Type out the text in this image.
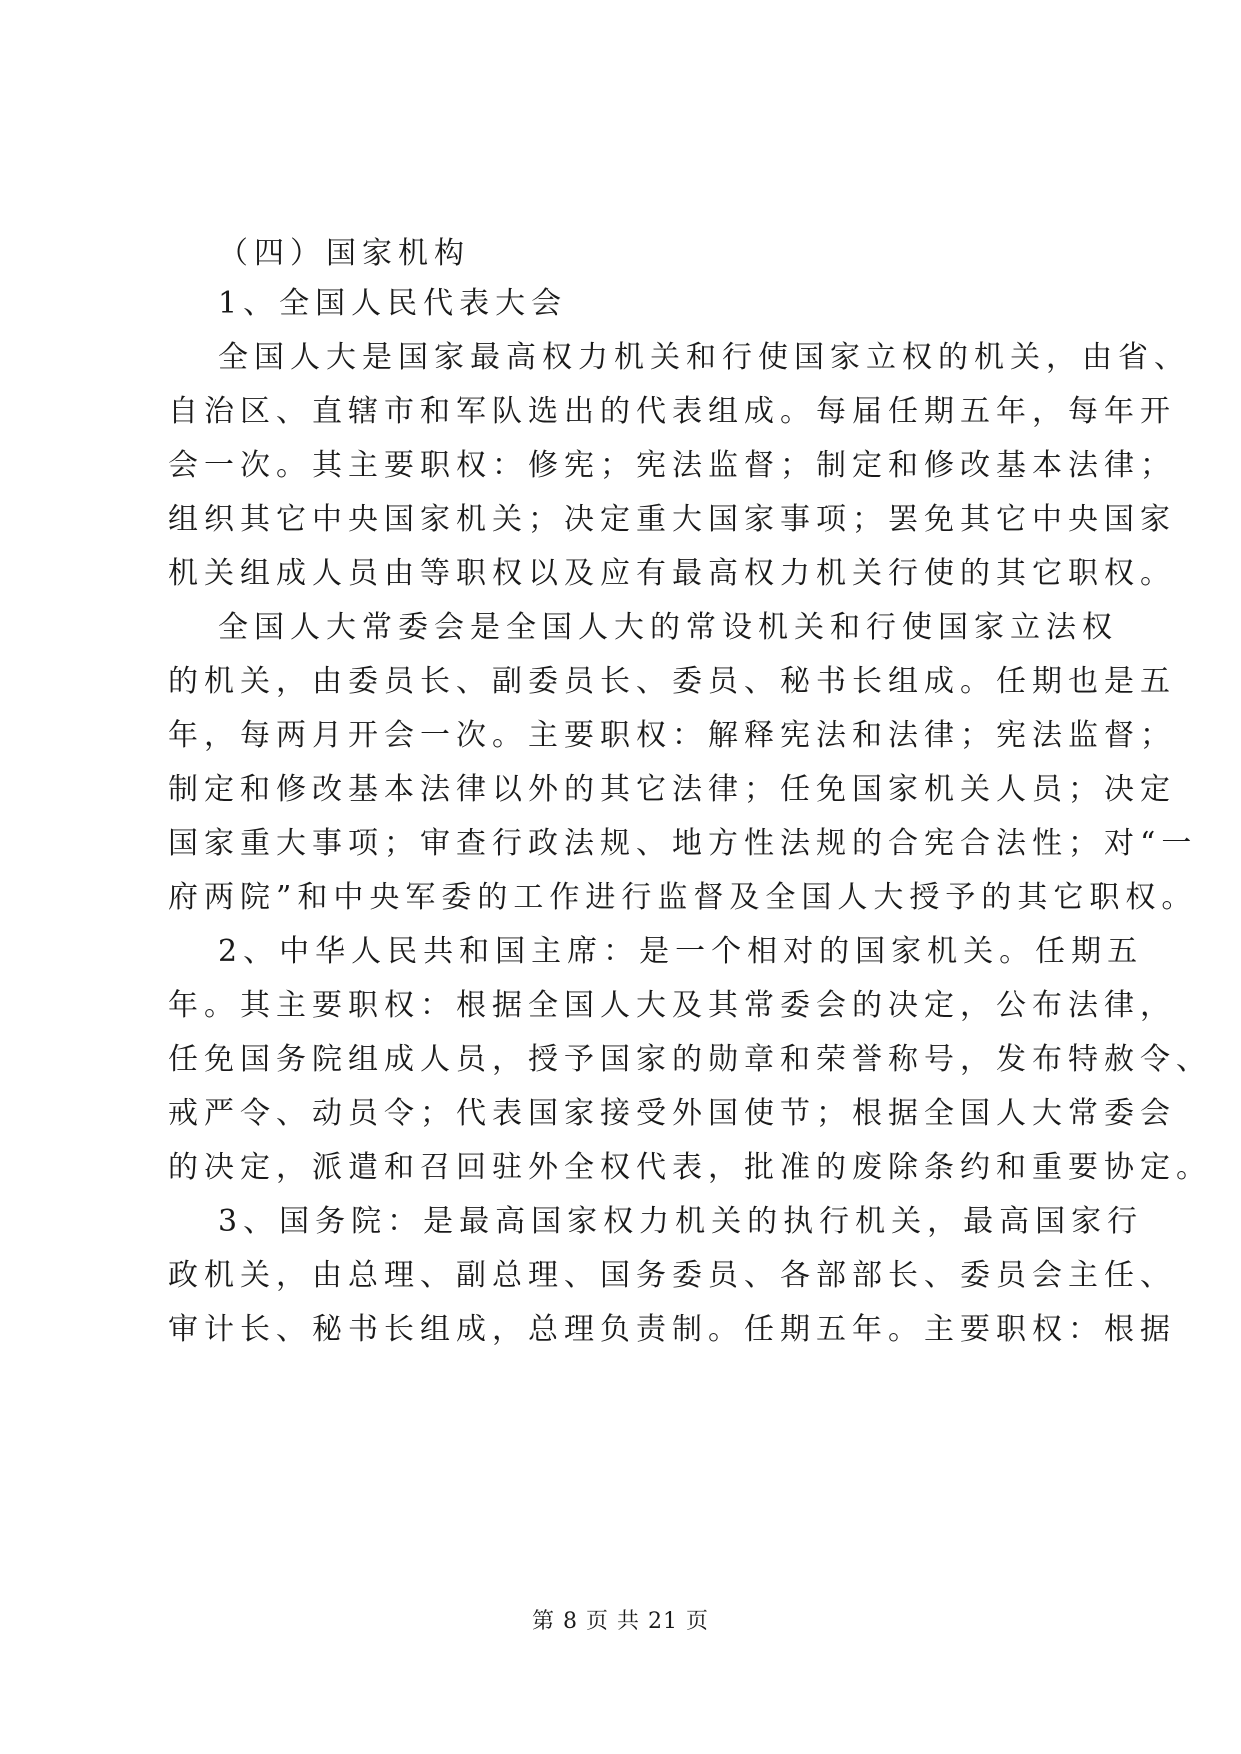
（四）国家机构
1、全国人民代表大会
全国人大是国家最高权力机关和行使国家立权的机关，由省、
自治区、直辖市和军队选出的代表组成。每届任期五年，每年开
会一次。其主要职权：修宪；宪法监督；制定和修改基本法律；
组织其它中央国家机关；决定重大国家事项；罢免其它中央国家
机关组成人员由等职权以及应有最高权力机关行使的其它职权。
全国人大常委会是全国人大的常设机关和行使国家立法权
的机关，由委员长、副委员长、委员、秘书长组成。任期也是五
年，每两月开会一次。主要职权：解释宪法和法律；宪法监督；
制定和修改基本法律以外的其它法律；任免国家机关人员；决定
国家重大事项；审查行政法规、地方性法规的合宪合法性；对“一
府两院”和中央军委的工作进行监督及全国人大授予的其它职权。
2、中华人民共和国主席：是一个相对的国家机关。任期五
年。其主要职权：根据全国人大及其常委会的决定，公布法律，
任免国务院组成人员，授予国家的勋章和荣誉称号，发布特赦令、
戒严令、动员令；代表国家接受外国使节；根据全国人大常委会
的决定，派遣和召回驻外全权代表，批准的废除条约和重要协定。
3、国务院：是最高国家权力机关的执行机关，最高国家行
政机关，由总理、副总理、国务委员、各部部长、委员会主任、
审计长、秘书长组成，总理负责制。任期五年。主要职权：根据
第 8 页 共 21 页
